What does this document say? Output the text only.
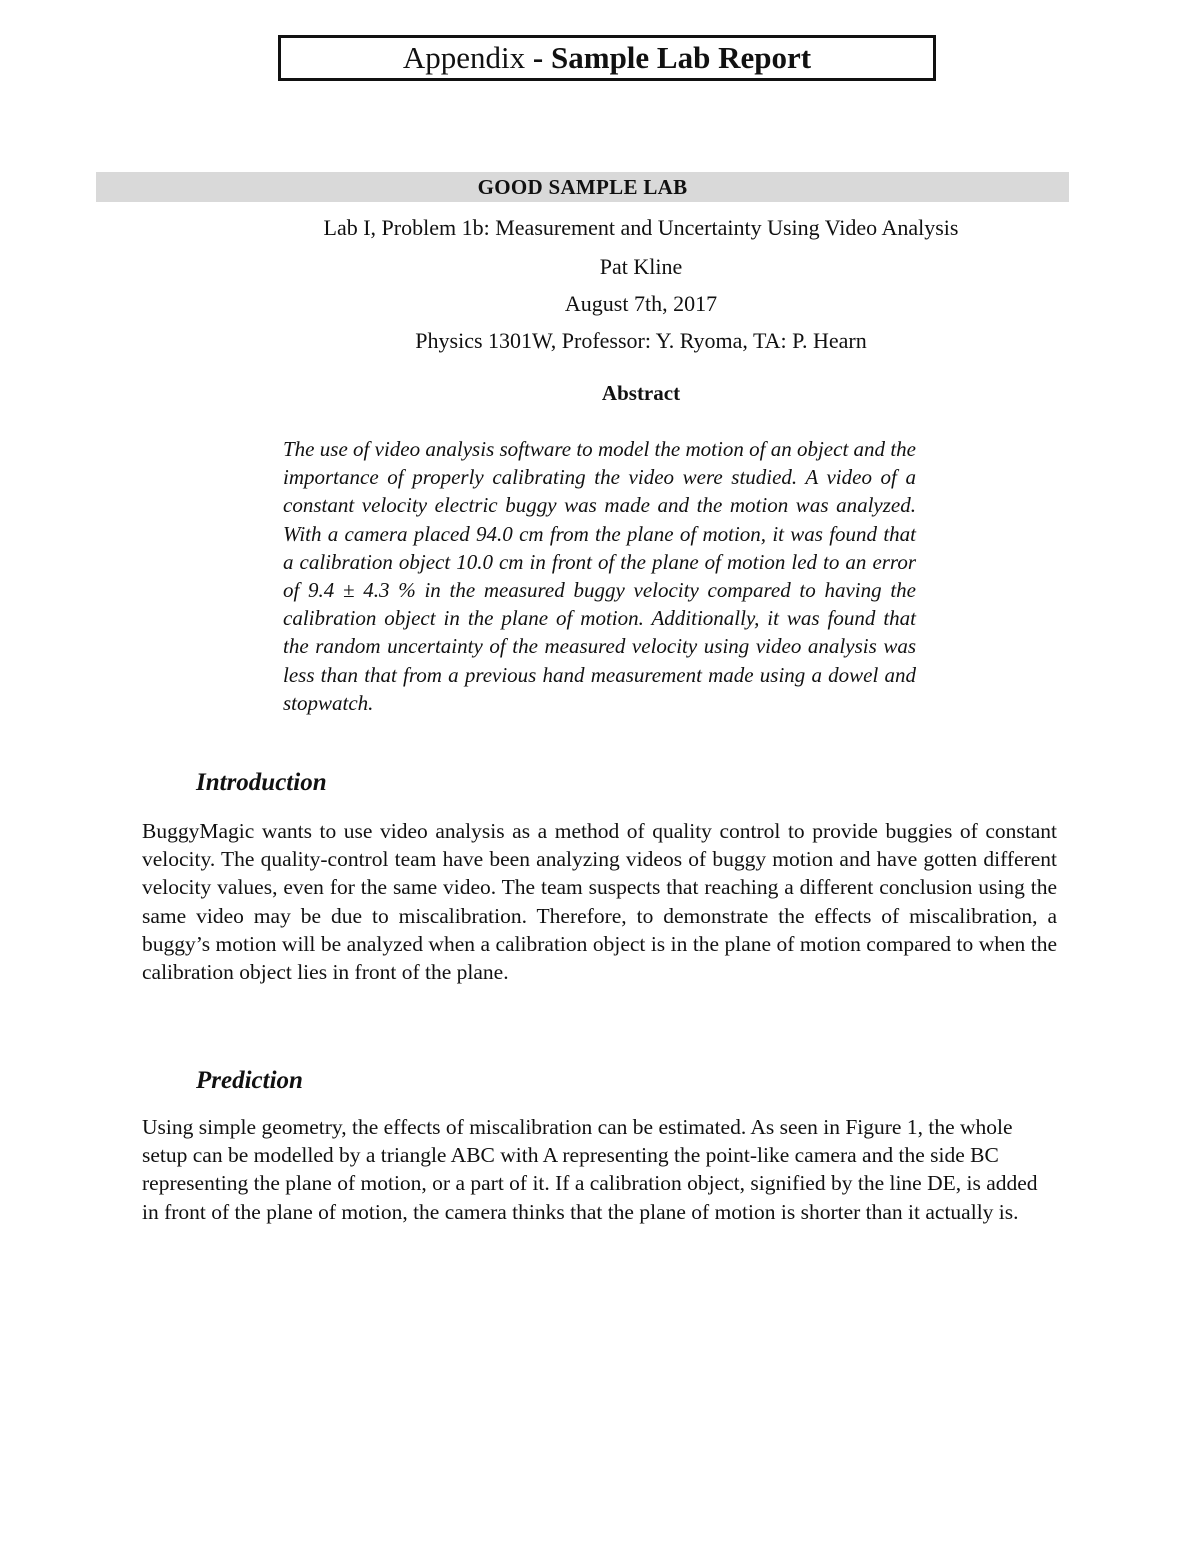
Appendix - Sample Lab Report
GOOD SAMPLE LAB
Lab I, Problem 1b: Measurement and Uncertainty Using Video Analysis
Pat Kline
August 7th, 2017
Physics 1301W, Professor: Y. Ryoma, TA: P. Hearn
Abstract
The use of video analysis software to model the motion of an object and the importance of properly calibrating the video were studied. A video of a constant velocity electric buggy was made and the motion was analyzed. With a camera placed 94.0 cm from the plane of motion, it was found that a calibration object 10.0 cm in front of the plane of motion led to an error of 9.4 ± 4.3 % in the measured buggy velocity compared to having the calibration object in the plane of motion. Additionally, it was found that the random uncertainty of the measured velocity using video analysis was less than that from a previous hand measurement made using a dowel and stopwatch.
Introduction
BuggyMagic wants to use video analysis as a method of quality control to provide buggies of constant velocity. The quality-control team have been analyzing videos of buggy motion and have gotten different velocity values, even for the same video. The team suspects that reaching a different conclusion using the same video may be due to miscalibration. Therefore, to demonstrate the effects of miscalibration, a buggy’s motion will be analyzed when a calibration object is in the plane of motion compared to when the calibration object lies in front of the plane.
Prediction
Using simple geometry, the effects of miscalibration can be estimated. As seen in Figure 1, the whole setup can be modelled by a triangle ABC with A representing the point-like camera and the side BC representing the plane of motion, or a part of it. If a calibration object, signified by the line DE, is added in front of the plane of motion, the camera thinks that the plane of motion is shorter than it actually is.
